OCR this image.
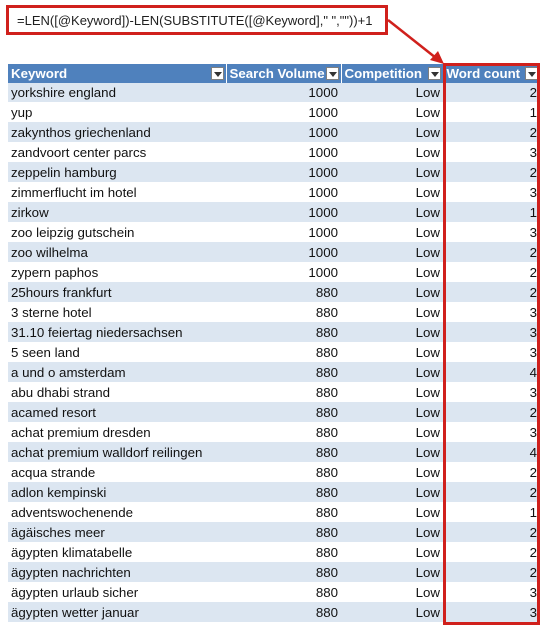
=LEN([@Keyword])-LEN(SUBSTITUTE([@Keyword]," ",""))+1
Keyword	Search Volume	Competition	Word count

yorkshire england	1000	Low	2
yup	1000	Low	1
zakynthos griechenland	1000	Low	2
zandvoort center parcs	1000	Low	3
zeppelin hamburg	1000	Low	2
zimmerflucht im hotel	1000	Low	3
zirkow	1000	Low	1
zoo leipzig gutschein	1000	Low	3
zoo wilhelma	1000	Low	2
zypern paphos	1000	Low	2
25hours frankfurt	880	Low	2
3 sterne hotel	880	Low	3
31.10 feiertag niedersachsen	880	Low	3
5 seen land	880	Low	3
a und o amsterdam	880	Low	4
abu dhabi strand	880	Low	3
acamed resort	880	Low	2
achat premium dresden	880	Low	3
achat premium walldorf reilingen	880	Low	4
acqua strande	880	Low	2
adlon kempinski	880	Low	2
adventswochenende	880	Low	1
ägäisches meer	880	Low	2
ägypten klimatabelle	880	Low	2
ägypten nachrichten	880	Low	2
ägypten urlaub sicher	880	Low	3
ägypten wetter januar	880	Low	3
